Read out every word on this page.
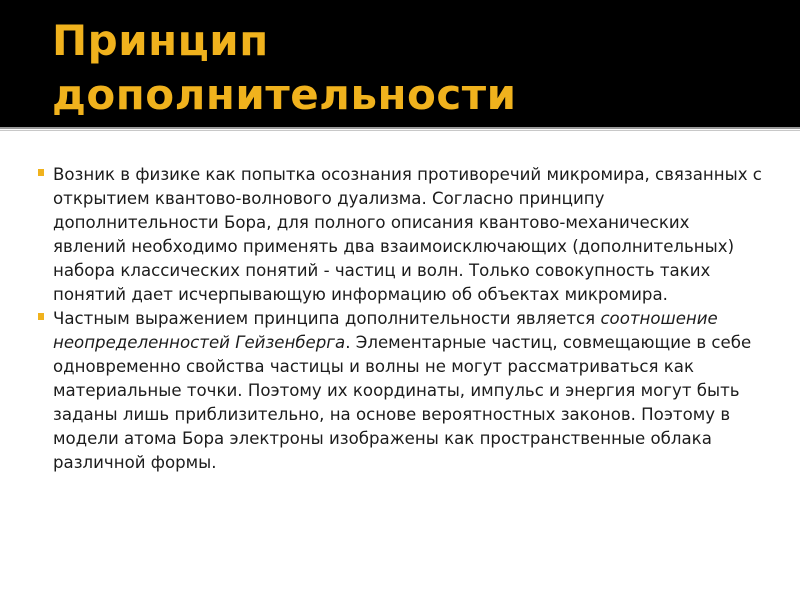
Принцип
дополнительности

Возник в физике как попытка осознания противоречий микромира, связанных с открытием квантово-волнового дуализма. Согласно принципу дополнительности Бора, для полного описания квантово-механических явлений необходимо применять два взаимоисключающих (дополнительных) набора классических понятий - частиц и волн. Только совокупность таких понятий дает исчерпывающую информацию об объектах микромира.

Частным выражением принципа дополнительности является соотношение неопределенностей Гейзенберга. Элементарные частиц, совмещающие в себе одновременно свойства частицы и волны не могут рассматриваться как материальные точки. Поэтому их координаты, импульс и энергия могут быть заданы лишь приблизительно, на основе вероятностных законов. Поэтому в модели атома Бора электроны изображены как пространственные облака различной формы.
